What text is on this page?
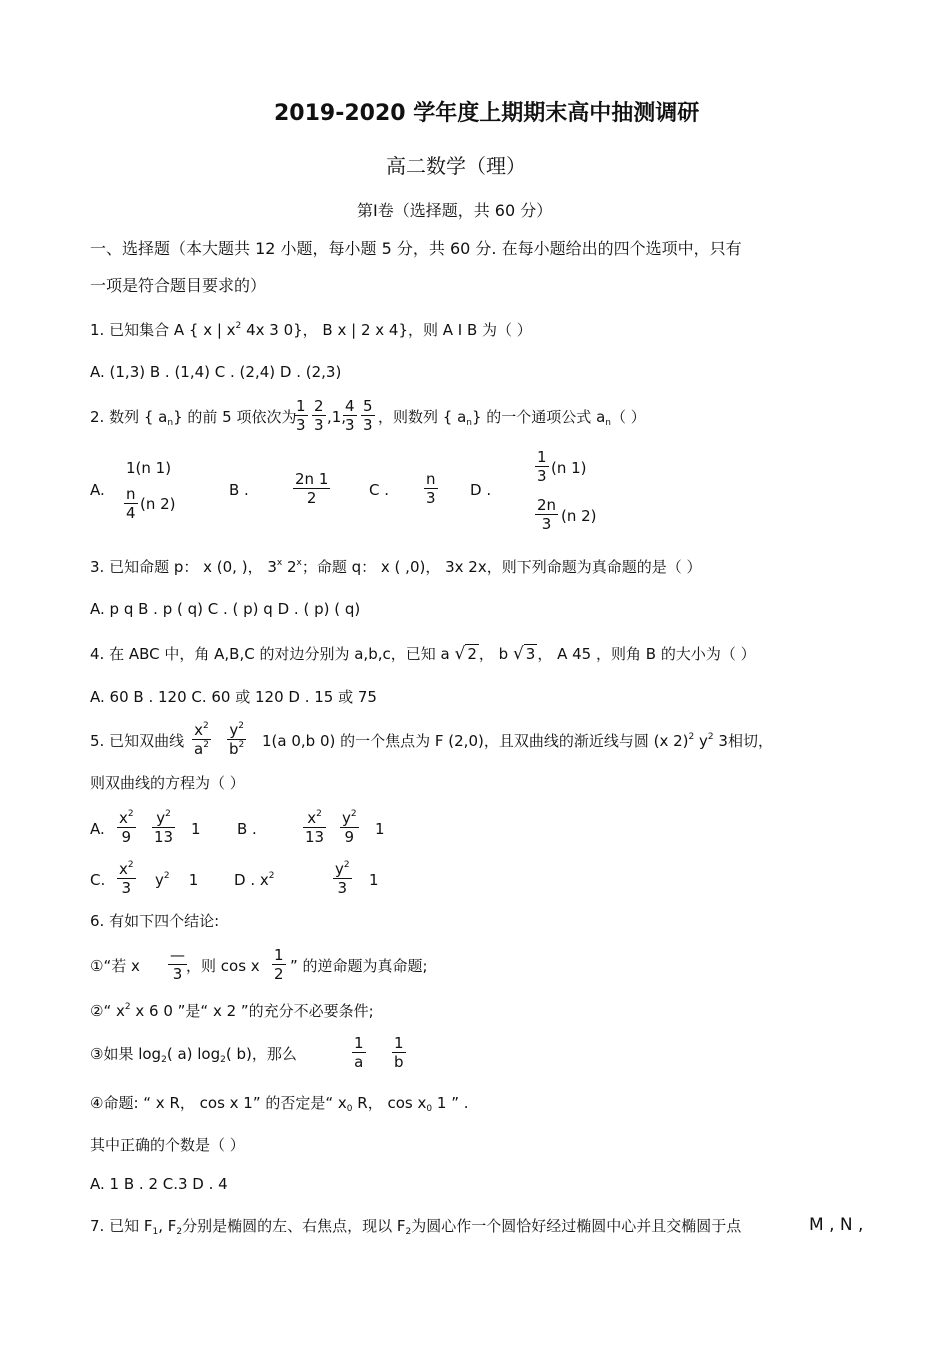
2019-2020 学年度上期期末高中抽测调研
高二数学（理）
第Ⅰ卷（选择题，共 60 分）
一、选择题（本大题共 12 小题，每小题 5 分，共 60 分. 在每小题给出的四个选项中，只有
一项是符合题目要求的）
1. 已知集合 A { x | $x^2$ 4x 3 0}， B x | 2 x 4}，则 A I B 为（ ）
A. (1,3) B . (1,4) C . (2,4) D . (2,3)
2. 数列 { $a_n$} 的前 5 项依次为
$\frac{1}{3} \frac{2}{3} ,1$,
$\frac{4}{3} \frac{5}{3}$ ，则数列 { $a_n$} 的一个通项公式 $a_n$（ ）
A.
1(n 1)
$\frac{n}{4} (n$ 2)
B .	$\frac{2n 1}{2}$	C . $\frac{n}{3}$ D .
$\frac{1}{3} (n$ 1)
$\frac{2n}{3} (n$ 2)
3. 已知命题 p： x (0, )， 3$^x$ 2$^x$；命题 q： x ( ,0)， 3x 2x，则下列命题为真命题的是（ ）
A. p q B . p ( q) C . ( p) q D . ( p) ( q)
4. 在 ABC 中，角 A,B,C 的对边分别为 a,b,c，已知 a √ 2 ， b √ 3 ， A 45 ，则角 B 的大小为（ ）
A. 60 B . 120 C. 60 或 120 D . 15 或 75
5. 已知双曲线 $\frac{x^2}{a^2} \frac{y^2}{b^2} 1(a$ 0,b 0) 的一个焦点为 F (2,0)，且双曲线的渐近线与圆 (x 2)$^2$ $y^2$ 3相切，
则双曲线的方程为（ ）
A. $\frac{x^2}{9} \frac{y^2}{13} 1$ B .	$\frac{x^2}{13} \frac{y^2}{9} 1$
C. $\frac{x^2}{3} y^2$ 1 D . $x^2$	$\frac{y^2}{3} 1$
6. 有如下四个结论:
①“若 x
—
3 ，则 cos x $\frac{1}{2}$ ” 的逆命题为真命题;
②“ $x^2$ x 6 0 ”是“ x 2 ”的充分不必要条件;
③如果 $\log_2$( a) $\log_2$( b)，那么	$\frac{1}{a} \frac{1}{b}$
④命题: “ x R， cos x 1” 的否定是“ $x_0$ R， $\cos x_0$ 1 ” .
其中正确的个数是（ ）
A. 1 B . 2 C.3 D . 4
7. 已知 $F_1$, $F_2$分别是椭圆的左、右焦点，现以 $F_2$为圆心作一个圆恰好经过椭圆中心并且交椭圆于点	M , N ,
